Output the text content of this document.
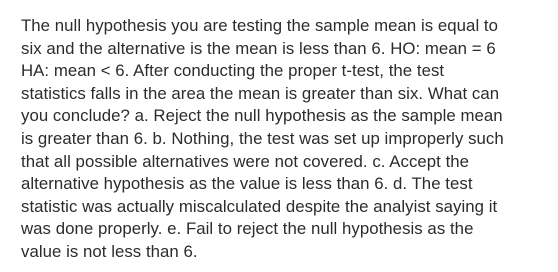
The null hypothesis you are testing the sample mean is equal to
six and the alternative is the mean is less than 6. HO: mean = 6
HA: mean < 6. After conducting the proper t-test, the test
statistics falls in the area the mean is greater than six. What can
you conclude? a. Reject the null hypothesis as the sample mean
is greater than 6. b. Nothing, the test was set up improperly such
that all possible alternatives were not covered. c. Accept the
alternative hypothesis as the value is less than 6. d. The test
statistic was actually miscalculated despite the analyist saying it
was done properly. e. Fail to reject the null hypothesis as the
value is not less than 6.
